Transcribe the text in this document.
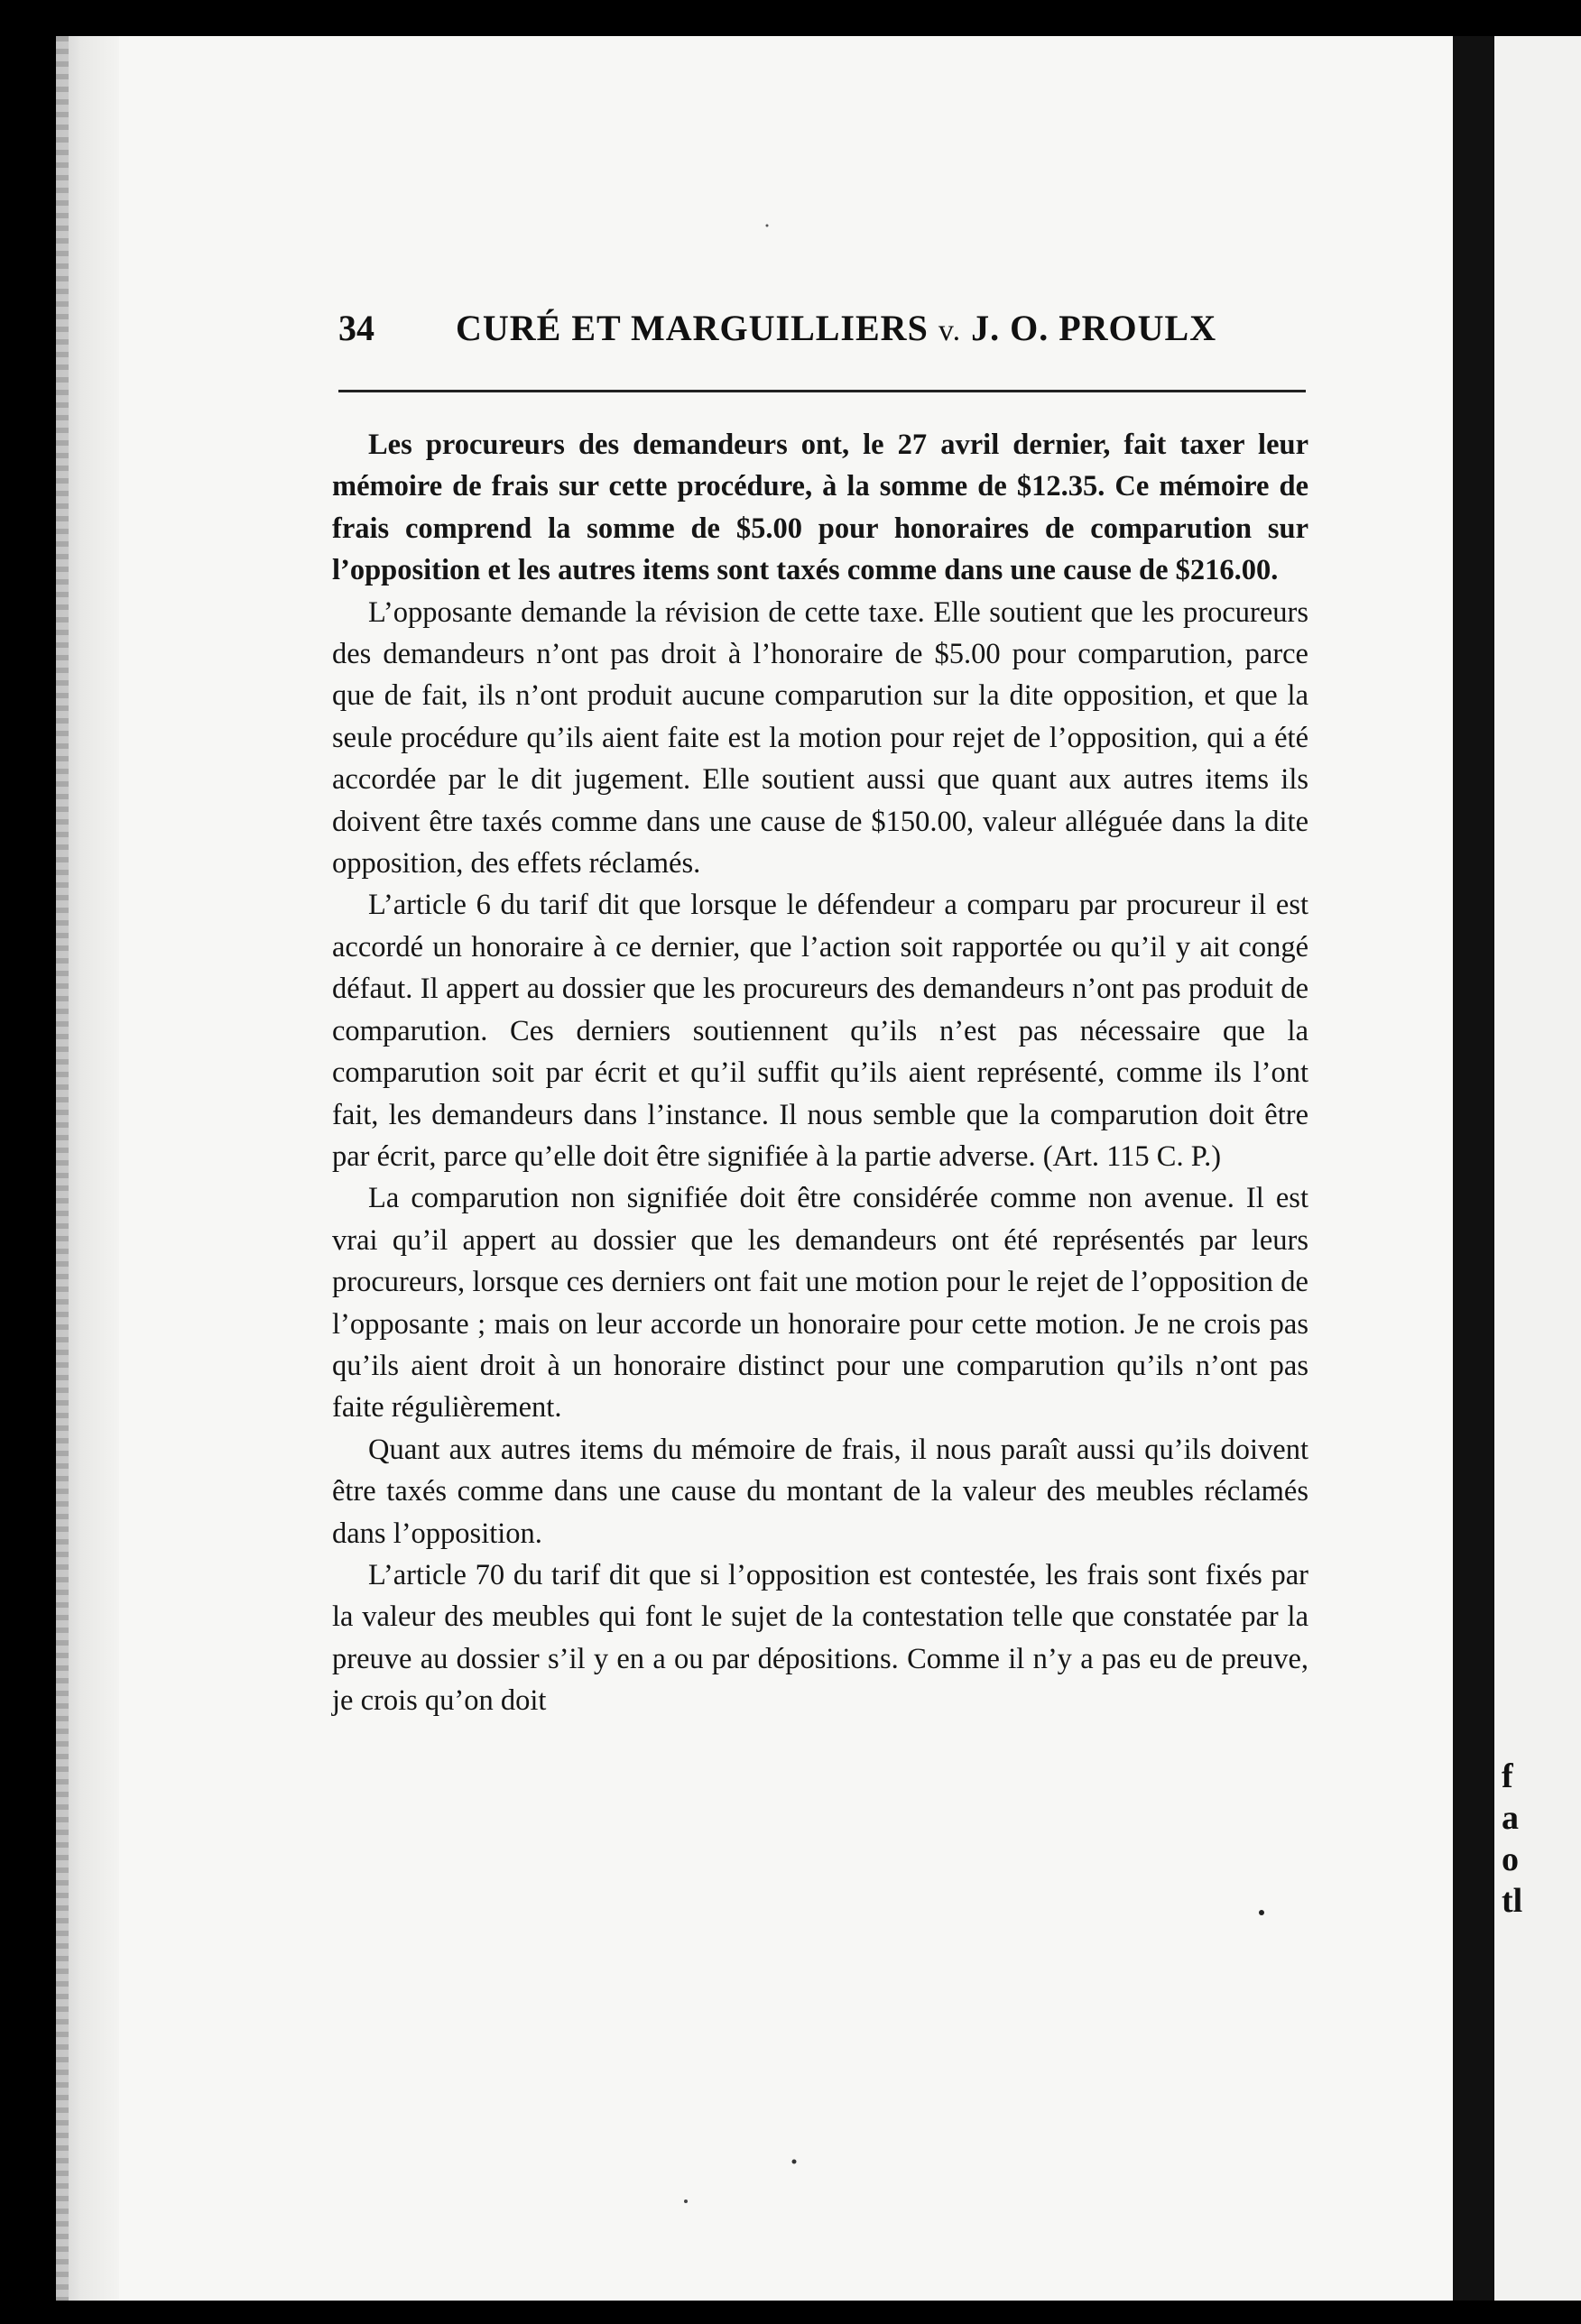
f
a
o
tl
34	CURÉ ET MARGUILLIERS v. J. O. PROULX

Les procureurs des demandeurs ont, le 27 avril dernier, fait taxer leur mémoire de frais sur cette procédure, à la somme de $12.35. Ce mémoire de frais comprend la somme de $5.00 pour honoraires de comparution sur l’opposition et les autres items sont taxés comme dans une cause de $216.00.

L’opposante demande la révision de cette taxe. Elle soutient que les procureurs des demandeurs n’ont pas droit à l’honoraire de $5.00 pour comparution, parce que de fait, ils n’ont produit aucune comparution sur la dite opposition, et que la seule procédure qu’ils aient faite est la motion pour rejet de l’opposition, qui a été accordée par le dit jugement. Elle soutient aussi que quant aux autres items ils doivent être taxés comme dans une cause de $150.00, valeur alléguée dans la dite opposition, des effets réclamés.

L’article 6 du tarif dit que lorsque le défendeur a comparu par procureur il est accordé un honoraire à ce dernier, que l’action soit rapportée ou qu’il y ait congé défaut. Il appert au dossier que les procureurs des demandeurs n’ont pas produit de comparution. Ces derniers soutiennent qu’ils n’est pas nécessaire que la comparution soit par écrit et qu’il suffit qu’ils aient représenté, comme ils l’ont fait, les demandeurs dans l’instance. Il nous semble que la comparution doit être par écrit, parce qu’elle doit être signifiée à la partie adverse. (Art. 115 C. P.)

La comparution non signifiée doit être considérée comme non avenue. Il est vrai qu’il appert au dossier que les demandeurs ont été représentés par leurs procureurs, lorsque ces derniers ont fait une motion pour le rejet de l’opposition de l’opposante ; mais on leur accorde un honoraire pour cette motion. Je ne crois pas qu’ils aient droit à un honoraire distinct pour une comparution qu’ils n’ont pas faite régulièrement.

Quant aux autres items du mémoire de frais, il nous paraît aussi qu’ils doivent être taxés comme dans une cause du montant de la valeur des meubles réclamés dans l’opposition.

L’article 70 du tarif dit que si l’opposition est contestée, les frais sont fixés par la valeur des meubles qui font le sujet de la contestation telle que constatée par la preuve au dossier s’il y en a ou par dépositions. Comme il n’y a pas eu de preuve, je crois qu’on doit
